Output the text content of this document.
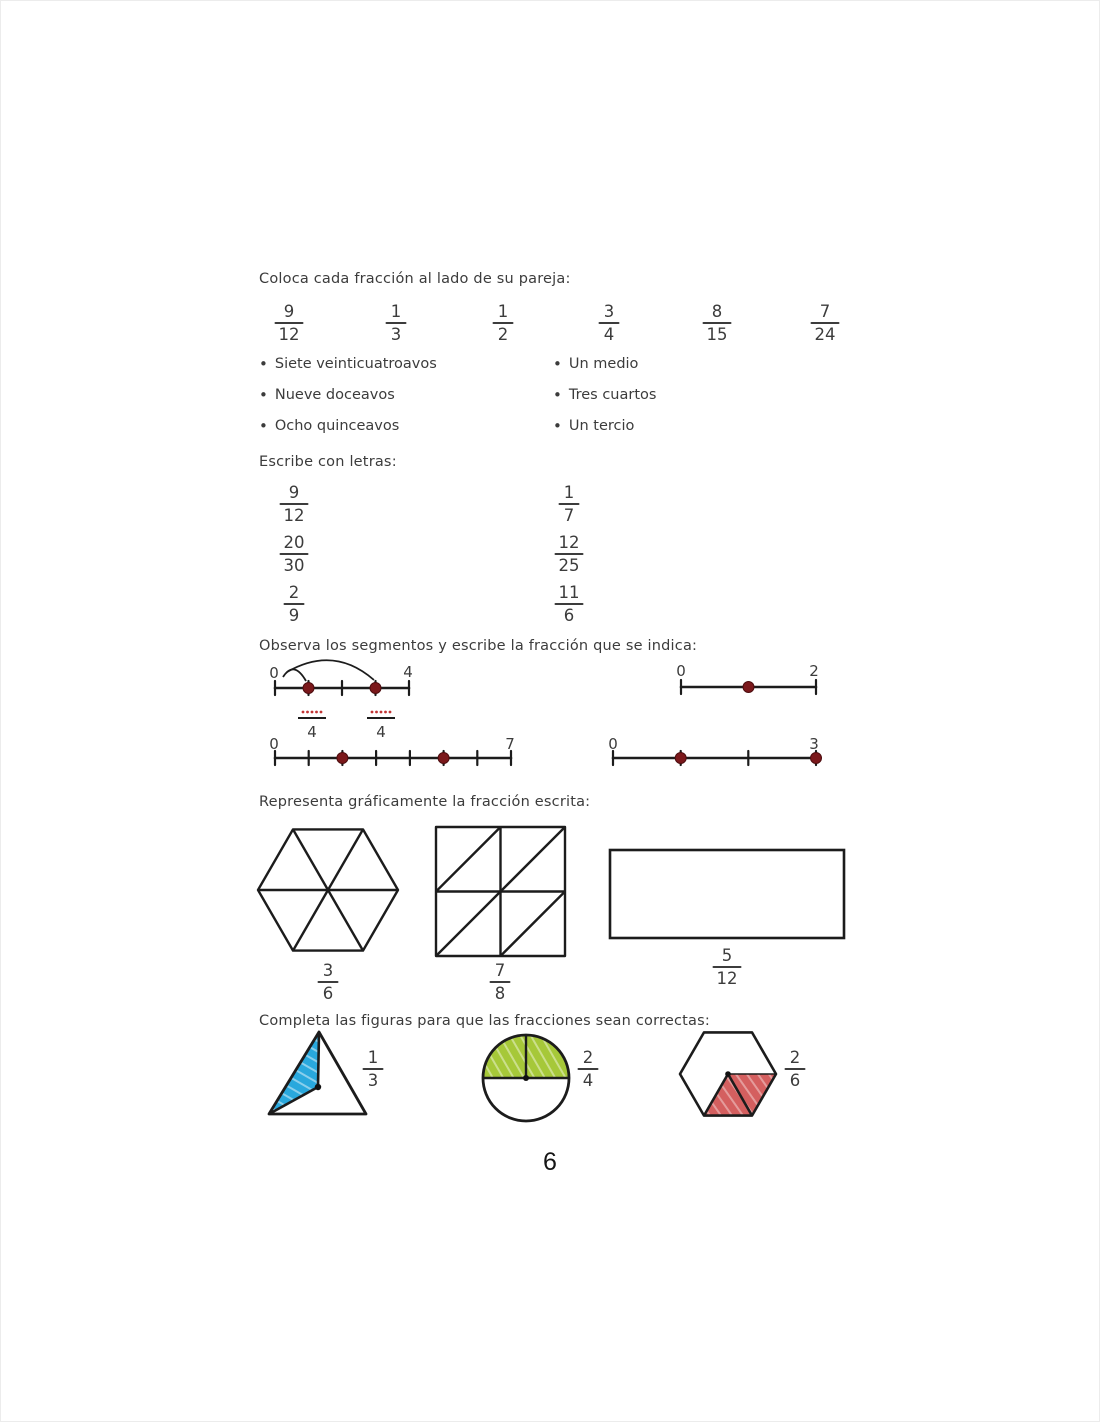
Coloca cada fracción al lado de su pareja:
9
12
1
3
1
2
3
4
8
15
7
24
• Siete veinticuatroavos
• Nueve doceavos
• Ocho quinceavos
• Un medio
• Tres cuartos
• Un tercio
Escribe con letras:
9
12
20
30
2
9
1
7
12
25
11
6
Observa los segmentos y escribe la fracción que se indica:
0	4
4	4
0	7
0	2
0	3
Representa gráficamente la fracción escrita:
3
6
7
8
5
12
Completa las figuras para que las fracciones sean correctas:
1
3
2
4
2
6
6
